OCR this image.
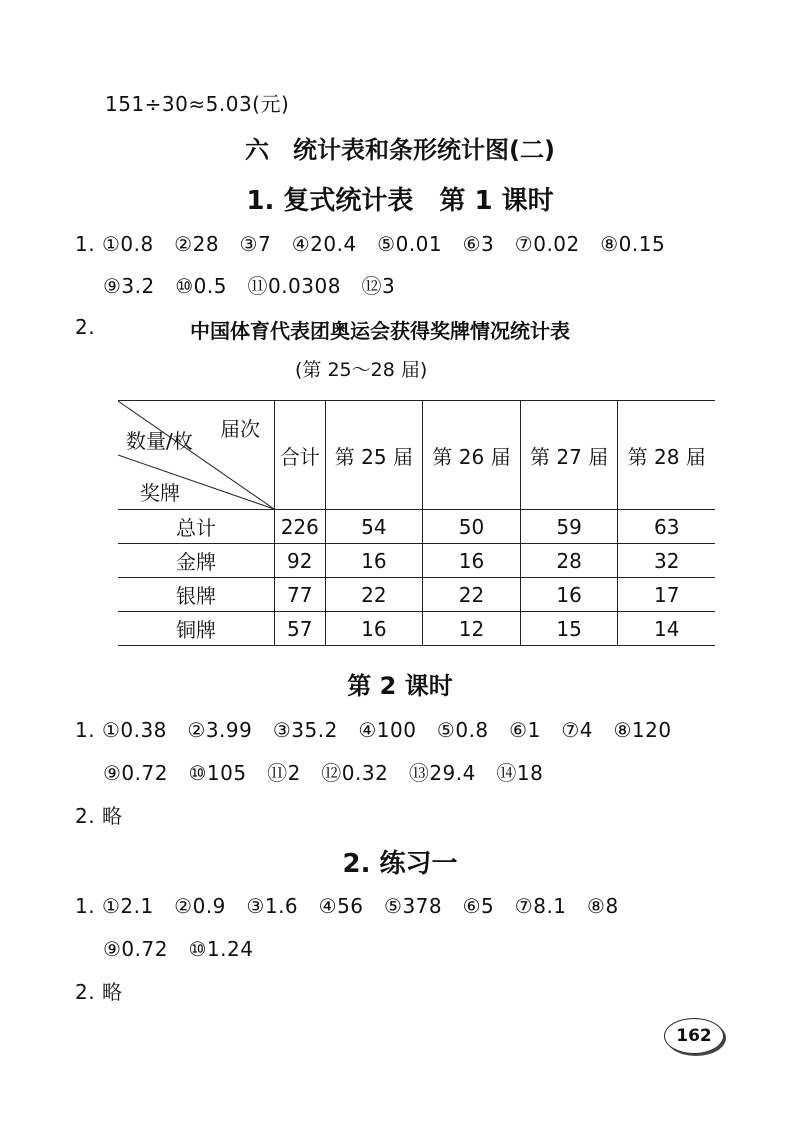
151÷30≈5.03(元)
六　统计表和条形统计图(二)
1. 复式统计表　第 1 课时
1. ①0.8　②28　③7　④20.4　⑤0.01　⑥3　⑦0.02　⑧0.15
⑨3.2　⑩0.5　⑪0.0308　⑫3
2.	中国体育代表团奥运会获得奖牌情况统计表
(第 25～28 届)
届次
数量/枚
奖牌	合计	第 25 届	第 26 届	第 27 届	第 28 届
总计	226	54	50	59	63
金牌	92	16	16	28	32
银牌	77	22	22	16	17
铜牌	57	16	12	15	14
第 2 课时
1. ①0.38　②3.99　③35.2　④100　⑤0.8　⑥1　⑦4　⑧120
⑨0.72　⑩105　⑪2　⑫0.32　⑬29.4　⑭18
2. 略
2. 练习一
1. ①2.1　②0.9　③1.6　④56　⑤378　⑥5　⑦8.1　⑧8
⑨0.72　⑩1.24
2. 略
162
